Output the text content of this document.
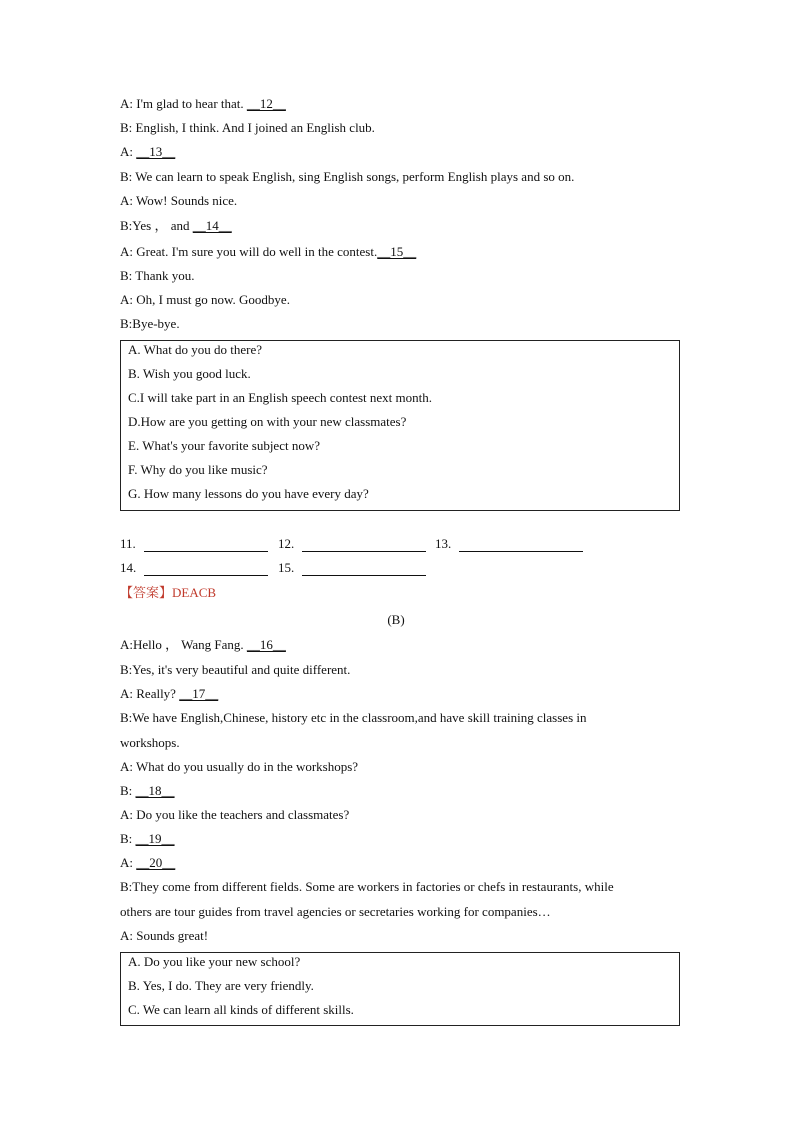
A: I'm glad to hear that. __12__
B: English, I think. And I joined an English club.
A: __13__
B: We can learn to speak English, sing English songs, perform English plays and so on.
A: Wow! Sounds nice.
B:Yes ， and __14__
A: Great. I'm sure you will do well in the contest.__15__
B: Thank you.
A: Oh, I must go now. Goodbye.
B:Bye-bye.
A. What do you do there?
B. Wish you good luck.
C.I will take part in an English speech contest next month.
D.How are you getting on with your new classmates?
E. What's your favorite subject now?
F. Why do you like music?
G. How many lessons do you have every day?
11.	12.	13.
14.	15.
【答案】DEACB
(B)
A:Hello ， Wang Fang. __16__
B:Yes, it's very beautiful and quite different.
A: Really? __17__
B:We have English,Chinese, history etc in the classroom,and have skill training classes in
workshops.
A: What do you usually do in the workshops?
B: __18__
A: Do you like the teachers and classmates?
B: __19__
A: __20__
B:They come from different fields. Some are workers in factories or chefs in restaurants, while
others are tour guides from travel agencies or secretaries working for companies…
A: Sounds great!
A. Do you like your new school?
B. Yes, I do. They are very friendly.
C. We can learn all kinds of different skills.
